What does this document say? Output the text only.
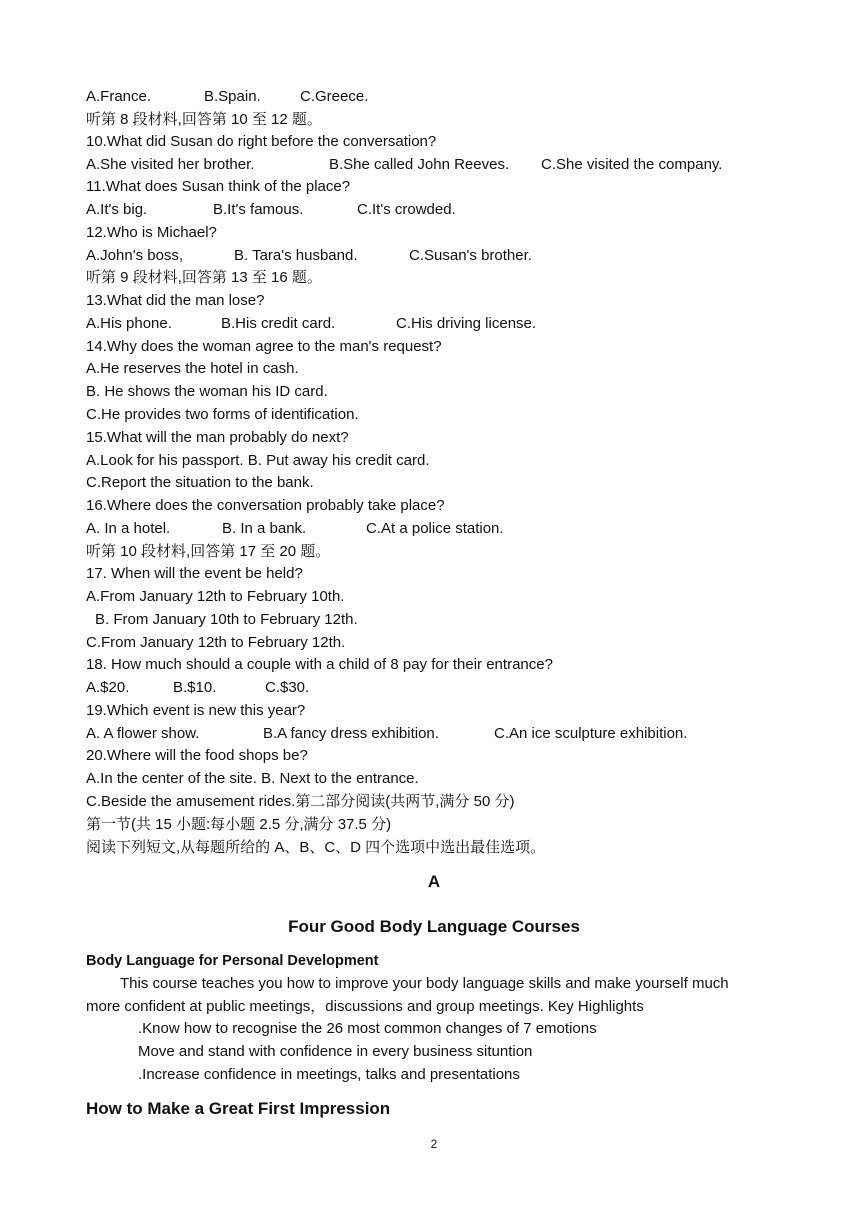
A.France.	B.Spain.	C.Greece.
听第 8 段材料,回答第 10 至 12 题。
10.What did Susan do right before the conversation?
A.She visited her brother.	B.She called John Reeves. C.She visited the company.
11.What does Susan think of the place?
A.It's big.	B.It's famous.	C.It's crowded.
12.Who is Michael?
A.John's boss,	B. Tara's husband.	C.Susan's brother.
听第 9 段材料,回答第 13 至 16 题。
13.What did the man lose?
A.His phone.	B.His credit card.	C.His driving license.
14.Why does the woman agree to the man's request?
A.He reserves the hotel in cash.
B. He shows the woman his ID card.
C.He provides two forms of identification.
15.What will the man probably do next?
A.Look for his passport. B. Put away his credit card.
C.Report the situation to the bank.
16.Where does the conversation probably take place?
A. In a hotel.	B. In a bank.	C.At a police station.
听第 10 段材料,回答第 17 至 20 题。
17. When will the event be held?
A.From January 12th to February 10th.
B. From January 10th to February 12th.
C.From January 12th to February 12th.
18. How much should a couple with a child of 8 pay for their entrance?
A.$20.	B.$10.	C.$30.
19.Which event is new this year?
A. A flower show.	B.A fancy dress exhibition.	C.An ice sculpture exhibition.
20.Where will the food shops be?
A.In the center of the site. B. Next to the entrance.
C.Beside the amusement rides.第二部分阅读(共两节,满分 50 分)
第一节(共 15 小题:每小题 2.5 分,满分 37.5 分)
阅读下列短文,从每题所给的 A、B、C、D 四个选项中选出最佳选项。
A
Four Good Body Language Courses
Body Language for Personal Development
This course teaches you how to improve your body language skills and make yourself much
more confident at public meetings，discussions and group meetings. Key Highlights
.Know how to recognise the 26 most common changes of 7 emotions
Move and stand with confidence in every business situntion
.Increase confidence in meetings, talks and presentations
How to Make a Great First Impression
2
